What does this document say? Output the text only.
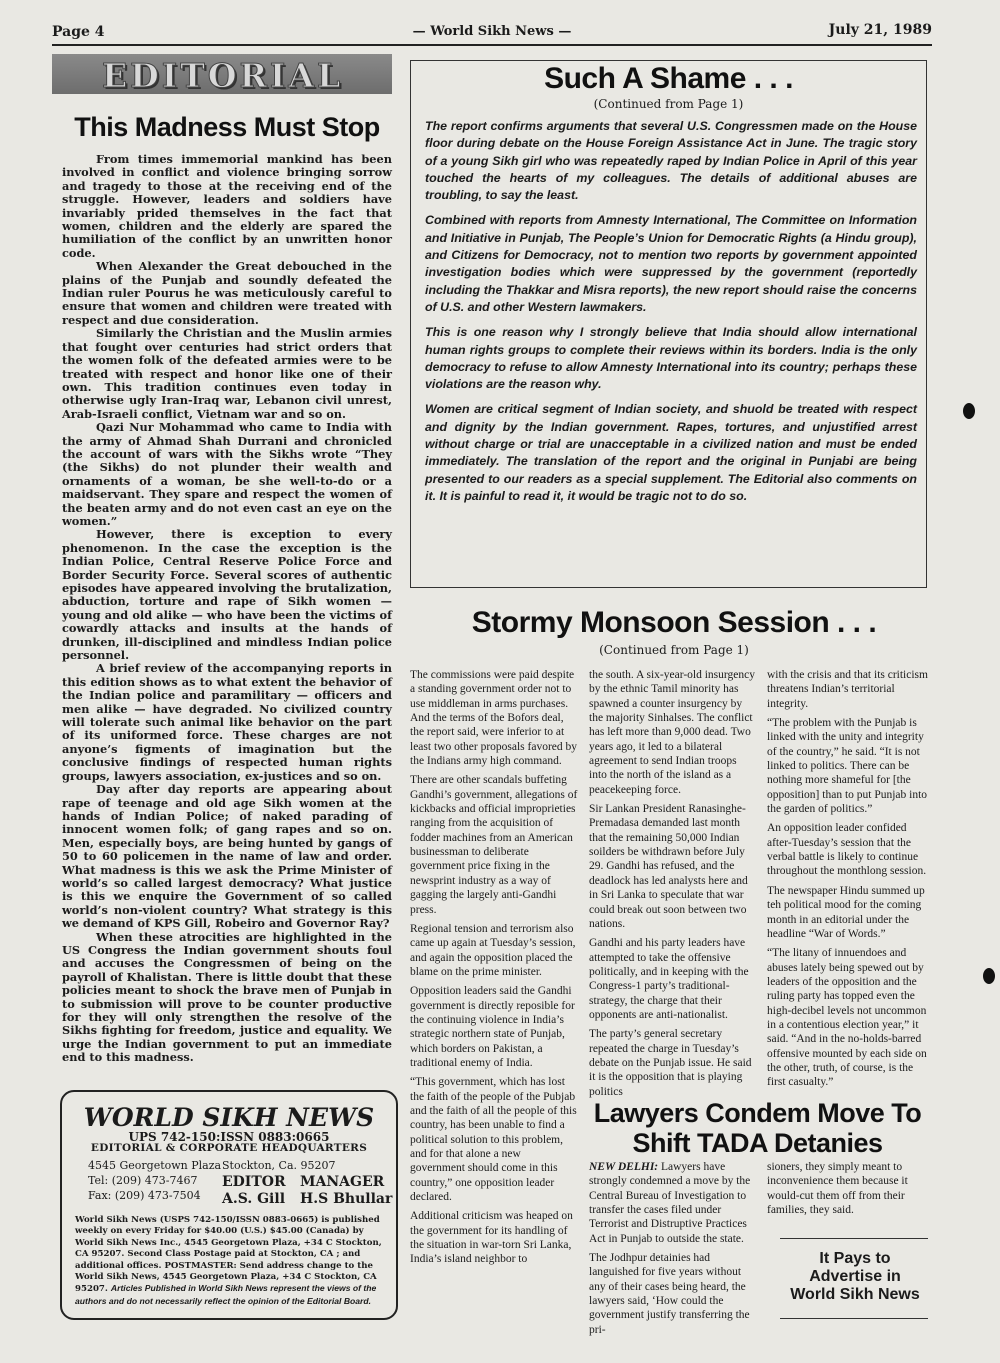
Page 4	— World Sikh News —	July 21, 1989
EDITORIAL
This Madness Must Stop

From times immemorial mankind has been involved in conflict and violence bringing sorrow and tragedy to those at the receiving end of the struggle. However, leaders and soldiers have invariably prided themselves in the fact that women, children and the elderly are spared the humiliation of the conflict by an unwritten honor code.

When Alexander the Great debouched in the plains of the Punjab and soundly defeated the Indian ruler Pourus he was meticulously careful to ensure that women and children were treated with respect and due consideration.

Similarly the Christian and the Muslin armies that fought over centuries had strict orders that the women folk of the defeated armies were to be treated with respect and honor like one of their own. This tradition continues even today in otherwise ugly Iran-Iraq war, Lebanon civil unrest, Arab-Israeli conflict, Vietnam war and so on.

Qazi Nur Mohammad who came to India with the army of Ahmad Shah Durrani and chronicled the account of wars with the Sikhs wrote “They (the Sikhs) do not plunder their wealth and ornaments of a woman, be she well-to-do or a maidservant. They spare and respect the women of the beaten army and do not even cast an eye on the women.”

However, there is exception to every phenomenon. In the case the exception is the Indian Police, Central Reserve Police Force and Border Security Force. Several scores of authentic episodes have appeared involving the brutalization, abduction, torture and rape of Sikh women — young and old alike — who have been the victims of cowardly attacks and insults at the hands of drunken, ill-disciplined and mindless Indian police personnel.

A brief review of the accompanying reports in this edition shows as to what extent the behavior of the Indian police and paramilitary — officers and men alike — have degraded. No civilized country will tolerate such animal like behavior on the part of its uniformed force. These charges are not anyone’s figments of imagination but the conclusive findings of respected human rights groups, lawyers association, ex-justices and so on.

Day after day reports are appearing about rape of teenage and old age Sikh women at the hands of Indian Police; of naked parading of innocent women folk; of gang rapes and so on. Men, especially boys, are being hunted by gangs of 50 to 60 policemen in the name of law and order. What madness is this we ask the Prime Minister of world’s so called largest democracy? What justice is this we enquire the Government of so called world’s non-violent country? What strategy is this we demand of KPS Gill, Robeiro and Governor Ray?

When these atrocities are highlighted in the US Congress the Indian government shouts foul and accuses the Congressmen of being on the payroll of Khalistan. There is little doubt that these policies meant to shock the brave men of Punjab in to submission will prove to be counter productive for they will only strengthen the resolve of the Sikhs fighting for freedom, justice and equality. We urge the Indian government to put an immediate end to this madness.

Such A Shame . . .
(Continued from Page 1)

The report confirms arguments that several U.S. Congressmen made on the House floor during debate on the House Foreign Assistance Act in June. The tragic story of a young Sikh girl who was repeatedly raped by Indian Police in April of this year touched the hearts of my colleagues. The details of additional abuses are troubling, to say the least.

Combined with reports from Amnesty International, The Committee on Information and Initiative in Punjab, The People’s Union for Democratic Rights (a Hindu group), and Citizens for Democracy, not to mention two reports by government appointed investigation bodies which were suppressed by the government (reportedly including the Thakkar and Misra reports), the new report should raise the concerns of U.S. and other Western lawmakers.

This is one reason why I strongly believe that India should allow international human rights groups to complete their reviews within its borders. India is the only democracy to refuse to allow Amnesty International into its country; perhaps these violations are the reason why.

Women are critical segment of Indian society, and shuold be treated with respect and dignity by the Indian government. Rapes, tortures, and unjustified arrest without charge or trial are unacceptable in a civilized nation and must be ended immediately. The translation of the report and the original in Punjabi are being presented to our readers as a special supplement. The Editorial also comments on it. It is painful to read it, it would be tragic not to do so.

Stormy Monsoon Session . . .
(Continued from Page 1)

The commissions were paid despite a standing government order not to use middleman in arms purchases. And the terms of the Bofors deal, the report said, were inferior to at least two other proposals favored by the Indians army high command.

There are other scandals buffeting Gandhi’s government, allegations of kickbacks and official improprieties ranging from the acquisition of fodder machines from an American businessman to deliberate government price fixing in the newsprint industry as a way of gagging the largely anti-Gandhi press.

Regional tension and terrorism also came up again at Tuesday’s session, and again the opposition placed the blame on the prime minister.

Opposition leaders said the Gandhi government is directly reposible for the continuing violence in India’s strategic northern state of Punjab, which borders on Pakistan, a traditional enemy of India.

“This government, which has lost the faith of the people of the Pubjab and the faith of all the people of this country, has been unable to find a political solution to this problem, and for that alone a new government should come in this country,” one opposition leader declared.

Additional criticism was heaped on the government for its handling of the situation in war-torn Sri Lanka, India’s island neighbor to

the south. A six-year-old insurgency by the ethnic Tamil minority has spawned a counter insurgency by the majority Sinhalses. The conflict has left more than 9,000 dead. Two years ago, it led to a bilateral agreement to send Indian troops into the north of the island as a peacekeeping force.

Sir Lankan President Ranasinghe-Premadasa demanded last month that the remaining 50,000 Indian soilders be withdrawn before July 29. Gandhi has refused, and the deadlock has led analysts here and in Sri Lanka to speculate that war could break out soon between two nations.

Gandhi and his party leaders have attempted to take the offensive politically, and in keeping with the Congress-1 party’s traditional-strategy, the charge that their opponents are anti-nationalist.

The party’s general secretary repeated the charge in Tuesday’s debate on the Punjab issue. He said it is the opposition that is playing politics

with the crisis and that its criticism threatens Indian’s territorial integrity.

“The problem with the Punjab is linked with the unity and integrity of the country,” he said. “It is not linked to politics. There can be nothing more shameful for [the opposition] than to put Punjab into the garden of politics.”

An opposition leader confided after-Tuesday’s session that the verbal battle is likely to continue throughout the monthlong session.

The newspaper Hindu summed up teh political mood for the coming month in an editorial under the headline “War of Words.”

“The litany of innuendoes and abuses lately being spewed out by leaders of the opposition and the ruling party has topped even the high-decibel levels not uncommon in a contentious election year,” it said. “And in the no-holds-barred offensive mounted by each side on the other, truth, of course, is the first casualty.”

Lawyers Condem Move To Shift TADA Detanies

NEW DELHI: Lawyers have strongly condemned a move by the Central Bureau of Investigation to transfer the cases filed under Terrorist and Distruptive Practices Act in Punjab to outside the state.

The Jodhpur detainies had languished for five years without any of their cases being heard, the lawyers said, ‘How could the government justify transferring the pri-

sioners, they simply meant to inconvenience them because it would-cut them off from their families, they said.

It Pays to
Advertise in
World Sikh News
WORLD SIKH NEWS
UPS 742-150:ISSN 0883:0665
EDITORIAL & CORPORATE HEADQUARTERS
4545 Georgetown Plaza Stockton, Ca. 95207
Tel: (209) 473-7467
Fax: (209) 473-7504
EDITOR MANAGER
A.S. Gill H.S Bhullar
World Sikh News (USPS 742-150/ISSN 0883-0665) is published weekly on every Friday for $40.00 (U.S.) $45.00 (Canada) by World Sikh News Inc., 4545 Georgetown Plaza, +34 C Stockton, CA 95207. Second Class Postage paid at Stockton, CA ; and additional offices. POSTMASTER: Send address change to the World Sikh News, 4545 Georgetown Plaza, +34 C Stockton, CA 95207. Articles Published in World Sikh News represent the views of the authors and do not necessarily reflect the opinion of the Editorial Board.
